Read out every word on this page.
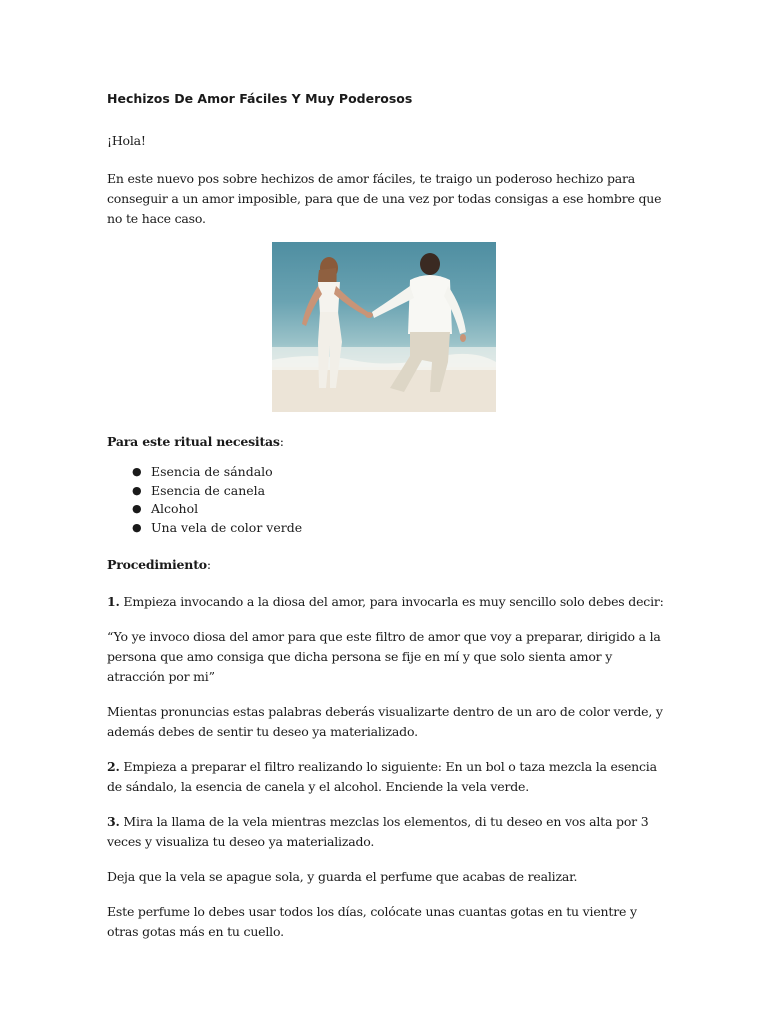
Hechizos De Amor Fáciles Y Muy Poderosos

¡Hola!

En este nuevo pos sobre hechizos de amor fáciles, te traigo un poderoso hechizo para conseguir a un amor imposible, para que de una vez por todas consigas a ese hombre que no te hace caso.

Para este ritual necesitas:

● Esencia de sándalo
● Esencia de canela
● Alcohol
● Una vela de color verde

Procedimiento:

1. Empieza invocando a la diosa del amor, para invocarla es muy sencillo solo debes decir:

“Yo ye invoco diosa del amor para que este filtro de amor que voy a preparar, dirigido a la persona que amo consiga que dicha persona se fije en mí y que solo sienta amor y atracción por mi”

Mientas pronuncias estas palabras deberás visualizarte dentro de un aro de color verde, y además debes de sentir tu deseo ya materializado.

2. Empieza a preparar el filtro realizando lo siguiente: En un bol o taza mezcla la esencia de sándalo, la esencia de canela y el alcohol. Enciende la vela verde.

3. Mira la llama de la vela mientras mezclas los elementos, di tu deseo en vos alta por 3 veces y visualiza tu deseo ya materializado.

Deja que la vela se apague sola, y guarda el perfume que acabas de realizar.

Este perfume lo debes usar todos los días, colócate unas cuantas gotas en tu vientre y otras gotas más en tu cuello.
